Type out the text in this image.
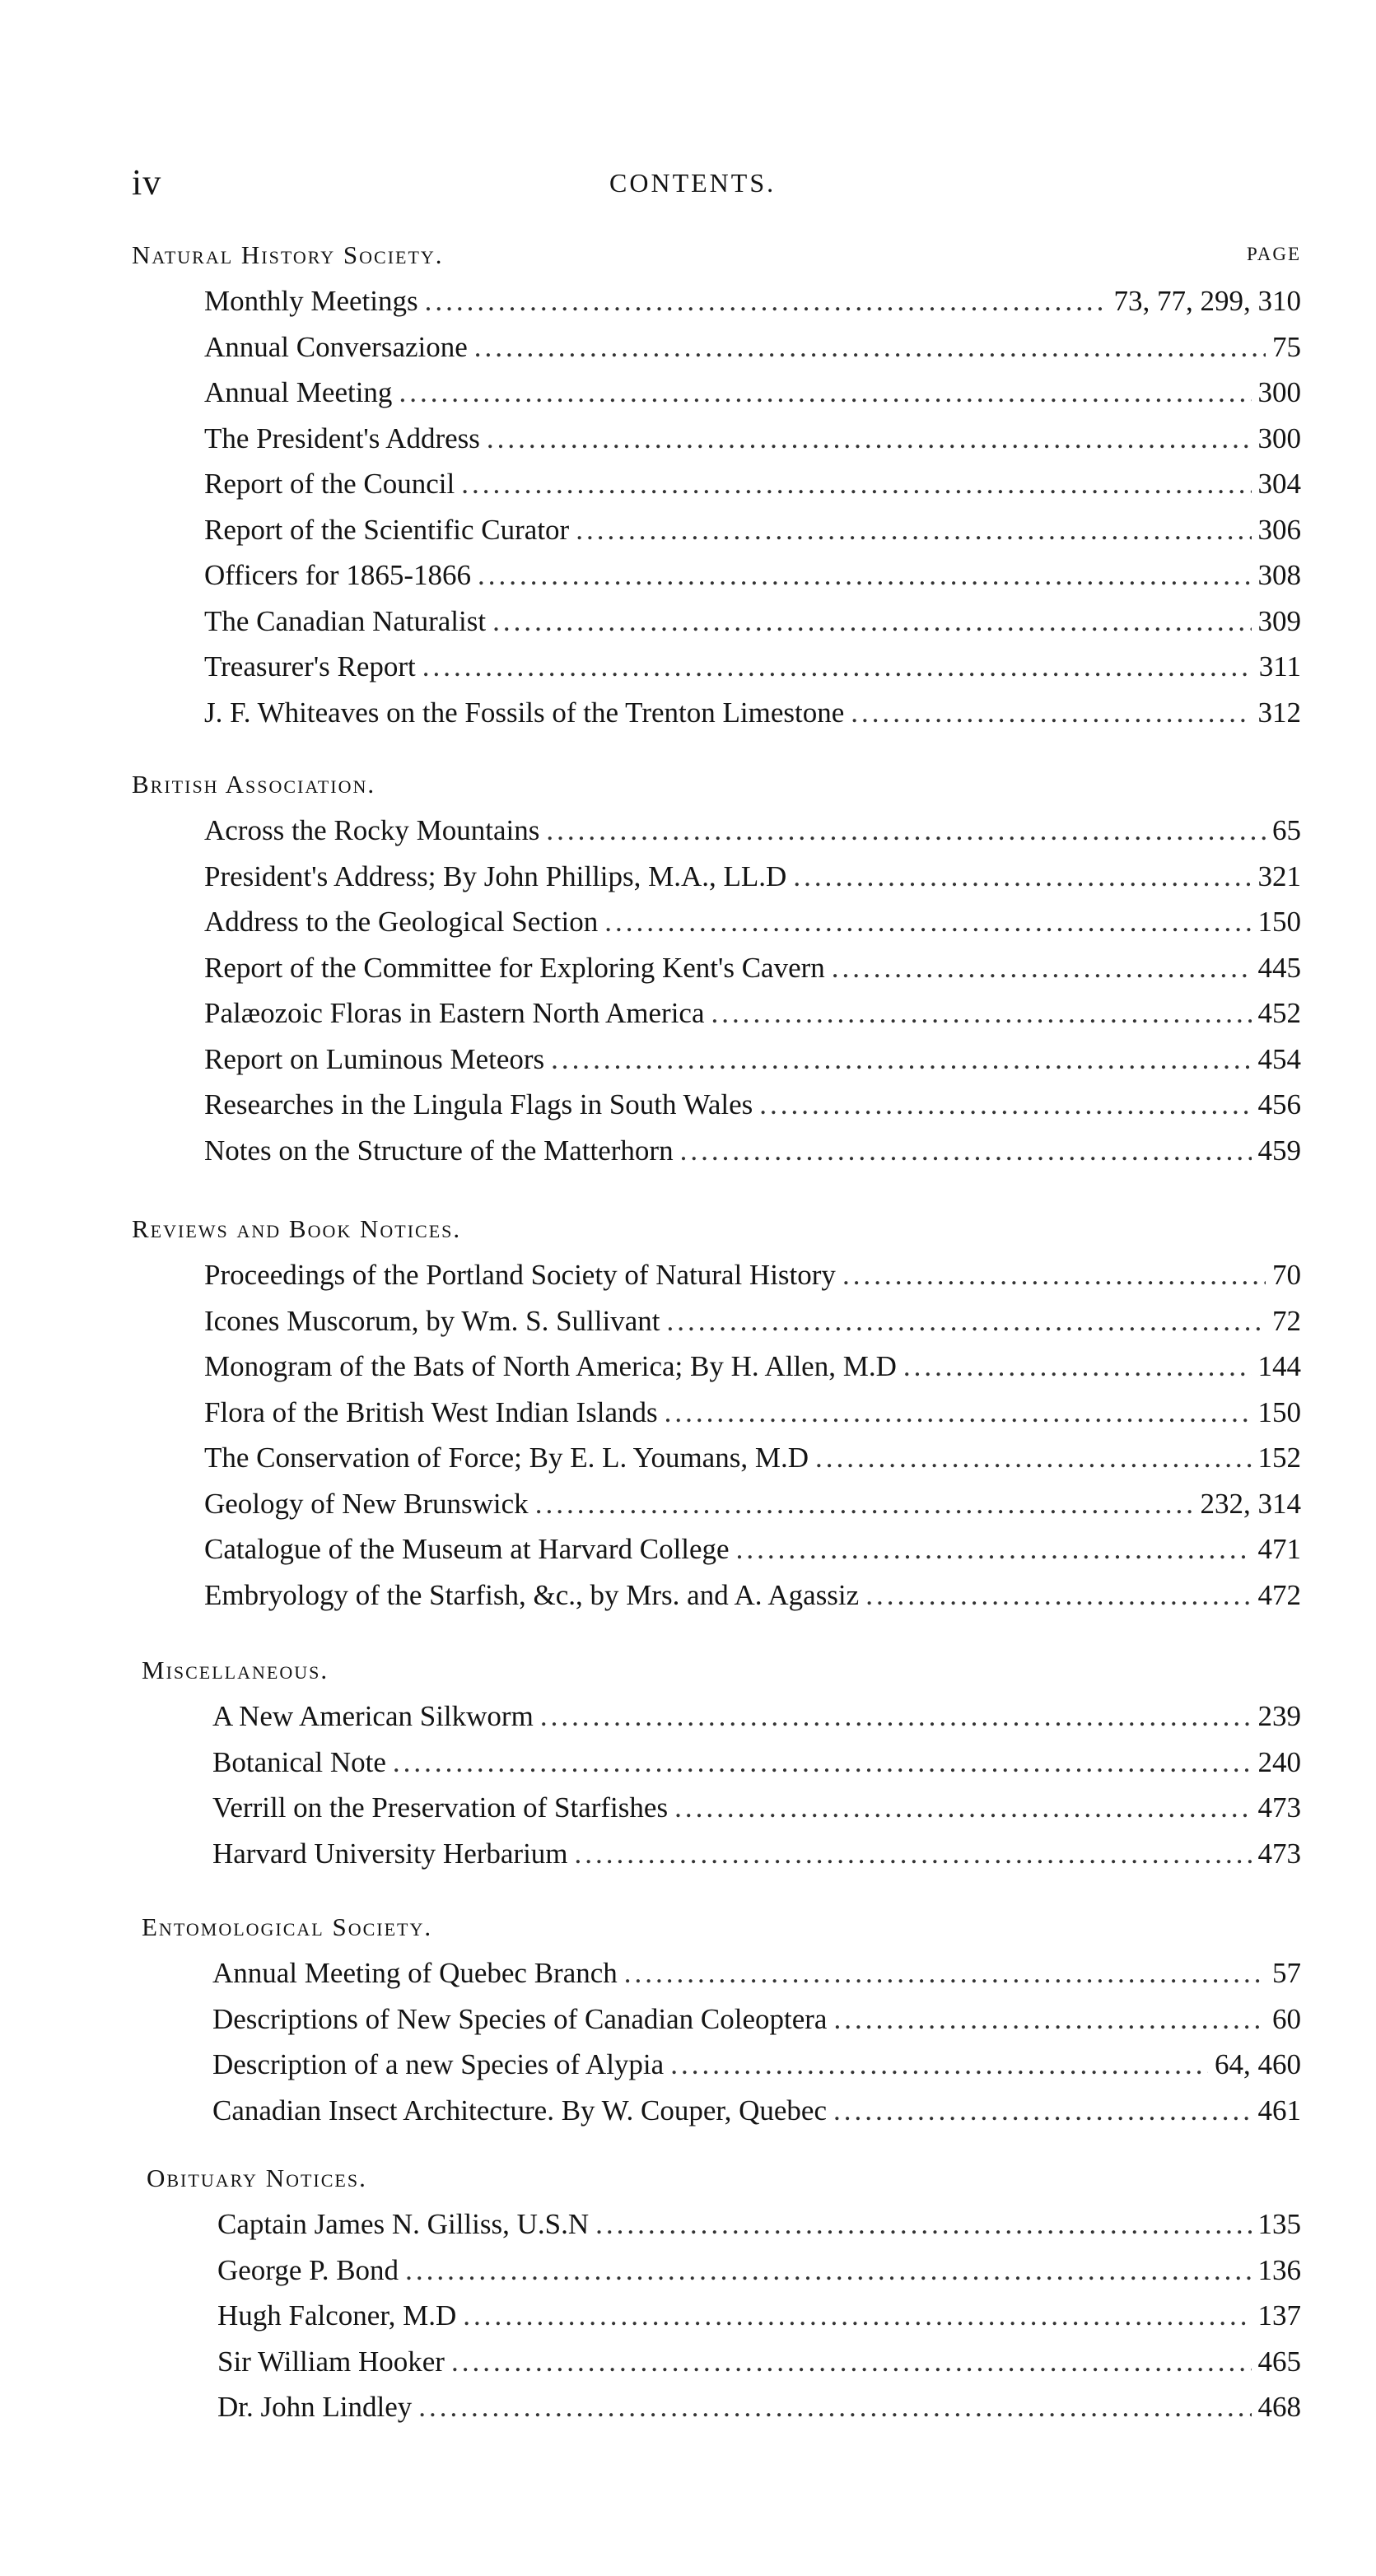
iv	CONTENTS.
Natural History Society.	PAGE
Monthly Meetings .....	73, 77, 299, 310
Annual Conversazione .....	75
Annual Meeting .....	300
The President's Address .....	300
Report of the Council .....	304
Report of the Scientific Curator .....	306
Officers for 1865-1866 .....	308
The Canadian Naturalist .....	309
Treasurer's Report .....	311
J. F. Whiteaves on the Fossils of the Trenton Limestone .....	312
British Association.
Across the Rocky Mountains .....	65
President's Address; By John Phillips, M.A., LL.D .....	321
Address to the Geological Section .....	150
Report of the Committee for Exploring Kent's Cavern .....	445
Palæozoic Floras in Eastern North America .....	452
Report on Luminous Meteors .....	454
Researches in the Lingula Flags in South Wales .....	456
Notes on the Structure of the Matterhorn .....	459
Reviews and Book Notices.
Proceedings of the Portland Society of Natural History .....	70
Icones Muscorum, by Wm. S. Sullivant .....	72
Monogram of the Bats of North America; By H. Allen, M.D .....	144
Flora of the British West Indian Islands .....	150
The Conservation of Force; By E. L. Youmans, M.D .....	152
Geology of New Brunswick .....	232, 314
Catalogue of the Museum at Harvard College .....	471
Embryology of the Starfish, &c., by Mrs. and A. Agassiz .....	472
Miscellaneous.
A New American Silkworm .....	239
Botanical Note .....	240
Verrill on the Preservation of Starfishes .....	473
Harvard University Herbarium .....	473
Entomological Society.
Annual Meeting of Quebec Branch .....	57
Descriptions of New Species of Canadian Coleoptera .....	60
Description of a new Species of Alypia .....	64, 460
Canadian Insect Architecture. By W. Couper, Quebec .....	461
Obituary Notices.
Captain James N. Gilliss, U.S.N .....	135
George P. Bond .....	136
Hugh Falconer, M.D .....	137
Sir William Hooker .....	465
Dr. John Lindley .....	468
